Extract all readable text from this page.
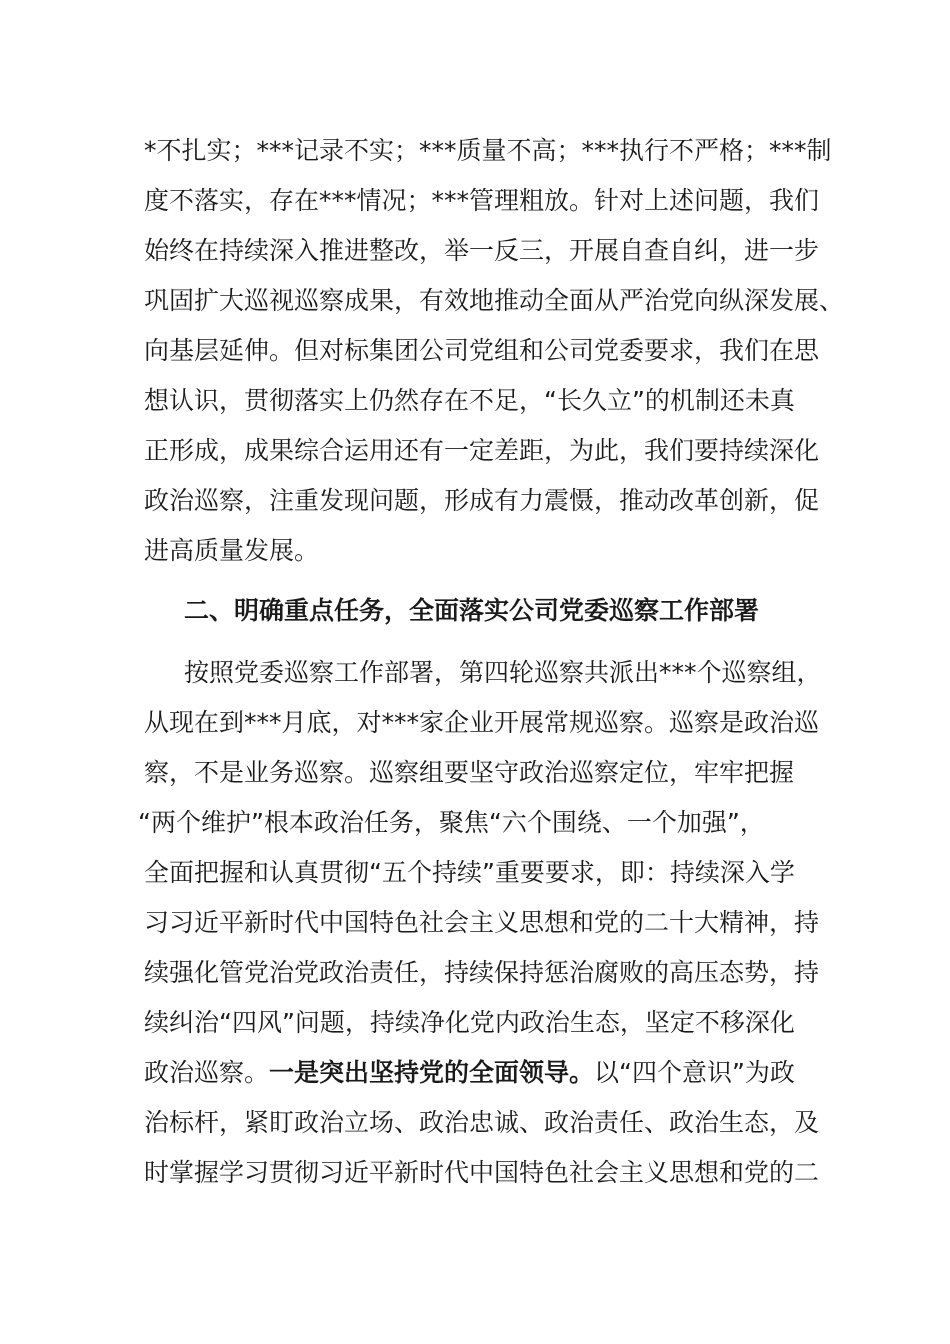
*不扎实；***记录不实；***质量不高；***执行不严格；***制
度不落实，存在***情况；***管理粗放。针对上述问题，我们
始终在持续深入推进整改，举一反三，开展自查自纠，进一步
巩固扩大巡视巡察成果，有效地推动全面从严治党向纵深发展、
向基层延伸。但对标集团公司党组和公司党委要求，我们在思
想认识，贯彻落实上仍然存在不足，“长久立”的机制还未真
正形成，成果综合运用还有一定差距，为此，我们要持续深化
政治巡察，注重发现问题，形成有力震慑，推动改革创新，促
进高质量发展。
二、明确重点任务，全面落实公司党委巡察工作部署
按照党委巡察工作部署，第四轮巡察共派出***个巡察组，
从现在到***月底，对***家企业开展常规巡察。巡察是政治巡
察，不是业务巡察。巡察组要坚守政治巡察定位，牢牢把握
“两个维护”根本政治任务，聚焦“六个围绕、一个加强”，
全面把握和认真贯彻“五个持续”重要要求，即：持续深入学
习习近平新时代中国特色社会主义思想和党的二十大精神，持
续强化管党治党政治责任，持续保持惩治腐败的高压态势，持
续纠治“四风”问题，持续净化党内政治生态，坚定不移深化
政治巡察。一是突出坚持党的全面领导。以“四个意识”为政
治标杆，紧盯政治立场、政治忠诚、政治责任、政治生态，及
时掌握学习贯彻习近平新时代中国特色社会主义思想和党的二
